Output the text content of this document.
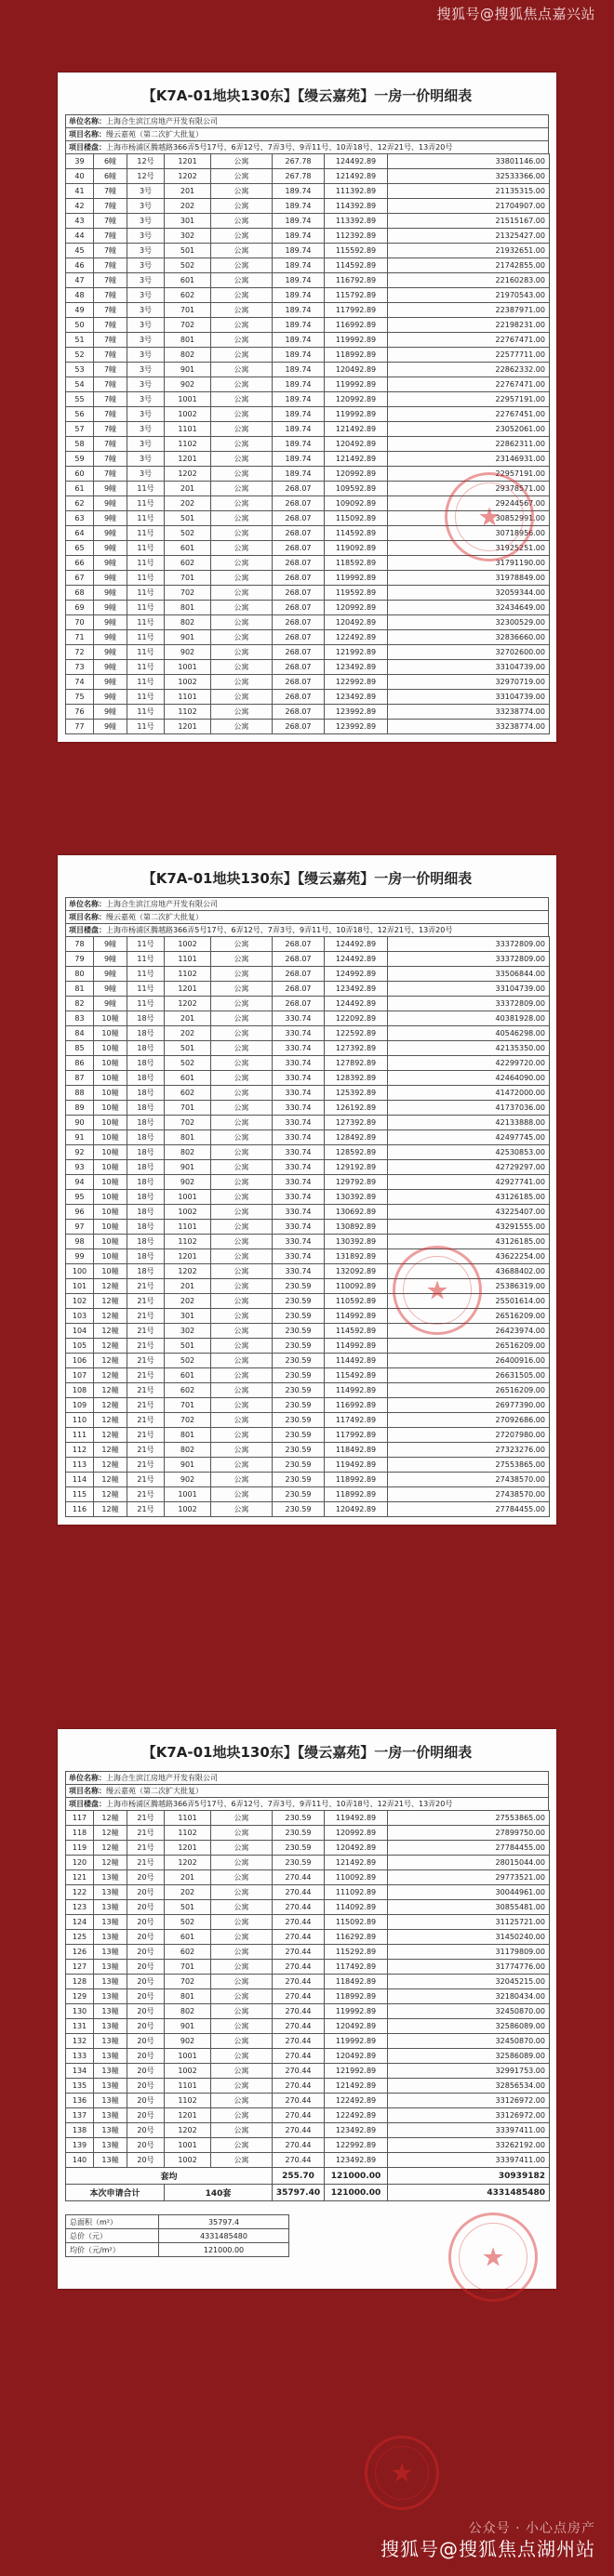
搜狐号@搜狐焦点嘉兴站
【K7A-01地块130东】【缦云嘉苑】一房一价明细表
单位名称：上海合生滨江房地产开发有限公司
项目名称：缦云嘉苑（第二次扩大批复）
项目楼盘：上海市杨浦区腾越路366弄5号17号、6弄12号、7弄3号、9弄11号、10弄18号、12弄21号、13弄20号
39	6幢	12号	1201	公寓	267.78	124492.89	33801146.00
40	6幢	12号	1202	公寓	267.78	121492.89	32533366.00
41	7幢	3号	201	公寓	189.74	111392.89	21135315.00
42	7幢	3号	202	公寓	189.74	114392.89	21704907.00
43	7幢	3号	301	公寓	189.74	113392.89	21515167.00
44	7幢	3号	302	公寓	189.74	112392.89	21325427.00
45	7幢	3号	501	公寓	189.74	115592.89	21932651.00
46	7幢	3号	502	公寓	189.74	114592.89	21742855.00
47	7幢	3号	601	公寓	189.74	116792.89	22160283.00
48	7幢	3号	602	公寓	189.74	115792.89	21970543.00
49	7幢	3号	701	公寓	189.74	117992.89	22387971.00
50	7幢	3号	702	公寓	189.74	116992.89	22198231.00
51	7幢	3号	801	公寓	189.74	119992.89	22767471.00
52	7幢	3号	802	公寓	189.74	118992.89	22577711.00
53	7幢	3号	901	公寓	189.74	120492.89	22862332.00
54	7幢	3号	902	公寓	189.74	119992.89	22767471.00
55	7幢	3号	1001	公寓	189.74	120992.89	22957191.00
56	7幢	3号	1002	公寓	189.74	119992.89	22767451.00
57	7幢	3号	1101	公寓	189.74	121492.89	23052061.00
58	7幢	3号	1102	公寓	189.74	120492.89	22862311.00
59	7幢	3号	1201	公寓	189.74	121492.89	23146931.00
60	7幢	3号	1202	公寓	189.74	120992.89	22957191.00
61	9幢	11号	201	公寓	268.07	109592.89	29378571.00
62	9幢	11号	202	公寓	268.07	109092.89	29244567.00
63	9幢	11号	501	公寓	268.07	115092.89	30852991.00
64	9幢	11号	502	公寓	268.07	114592.89	30718956.00
65	9幢	11号	601	公寓	268.07	119092.89	31925251.00
66	9幢	11号	602	公寓	268.07	118592.89	31791190.00
67	9幢	11号	701	公寓	268.07	119992.89	31978849.00
68	9幢	11号	702	公寓	268.07	119592.89	32059344.00
69	9幢	11号	801	公寓	268.07	120992.89	32434649.00
70	9幢	11号	802	公寓	268.07	120492.89	32300529.00
71	9幢	11号	901	公寓	268.07	122492.89	32836660.00
72	9幢	11号	902	公寓	268.07	121992.89	32702600.00
73	9幢	11号	1001	公寓	268.07	123492.89	33104739.00
74	9幢	11号	1002	公寓	268.07	122992.89	32970719.00
75	9幢	11号	1101	公寓	268.07	123492.89	33104739.00
76	9幢	11号	1102	公寓	268.07	123992.89	33238774.00
77	9幢	11号	1201	公寓	268.07	123992.89	33238774.00
★
【K7A-01地块130东】【缦云嘉苑】一房一价明细表
单位名称：上海合生滨江房地产开发有限公司
项目名称：缦云嘉苑（第二次扩大批复）
项目楼盘：上海市杨浦区腾越路366弄5号17号、6弄12号、7弄3号、9弄11号、10弄18号、12弄21号、13弄20号
78	9幢	11号	1002	公寓	268.07	124492.89	33372809.00
79	9幢	11号	1101	公寓	268.07	124492.89	33372809.00
80	9幢	11号	1102	公寓	268.07	124992.89	33506844.00
81	9幢	11号	1201	公寓	268.07	123492.89	33104739.00
82	9幢	11号	1202	公寓	268.07	124492.89	33372809.00
83	10幢	18号	201	公寓	330.74	122092.89	40381928.00
84	10幢	18号	202	公寓	330.74	122592.89	40546298.00
85	10幢	18号	501	公寓	330.74	127392.89	42135350.00
86	10幢	18号	502	公寓	330.74	127892.89	42299720.00
87	10幢	18号	601	公寓	330.74	128392.89	42464090.00
88	10幢	18号	602	公寓	330.74	125392.89	41472000.00
89	10幢	18号	701	公寓	330.74	126192.89	41737036.00
90	10幢	18号	702	公寓	330.74	127392.89	42133888.00
91	10幢	18号	801	公寓	330.74	128492.89	42497745.00
92	10幢	18号	802	公寓	330.74	128592.89	42530853.00
93	10幢	18号	901	公寓	330.74	129192.89	42729297.00
94	10幢	18号	902	公寓	330.74	129792.89	42927741.00
95	10幢	18号	1001	公寓	330.74	130392.89	43126185.00
96	10幢	18号	1002	公寓	330.74	130692.89	43225407.00
97	10幢	18号	1101	公寓	330.74	130892.89	43291555.00
98	10幢	18号	1102	公寓	330.74	130392.89	43126185.00
99	10幢	18号	1201	公寓	330.74	131892.89	43622254.00
100	10幢	18号	1202	公寓	330.74	132092.89	43688402.00
101	12幢	21号	201	公寓	230.59	110092.89	25386319.00
102	12幢	21号	202	公寓	230.59	110592.89	25501614.00
103	12幢	21号	301	公寓	230.59	114992.89	26516209.00
104	12幢	21号	302	公寓	230.59	114592.89	26423974.00
105	12幢	21号	501	公寓	230.59	114992.89	26516209.00
106	12幢	21号	502	公寓	230.59	114492.89	26400916.00
107	12幢	21号	601	公寓	230.59	115492.89	26631505.00
108	12幢	21号	602	公寓	230.59	114992.89	26516209.00
109	12幢	21号	701	公寓	230.59	116992.89	26977390.00
110	12幢	21号	702	公寓	230.59	117492.89	27092686.00
111	12幢	21号	801	公寓	230.59	117992.89	27207980.00
112	12幢	21号	802	公寓	230.59	118492.89	27323276.00
113	12幢	21号	901	公寓	230.59	119492.89	27553865.00
114	12幢	21号	902	公寓	230.59	118992.89	27438570.00
115	12幢	21号	1001	公寓	230.59	118992.89	27438570.00
116	12幢	21号	1002	公寓	230.59	120492.89	27784455.00
★
【K7A-01地块130东】【缦云嘉苑】一房一价明细表
单位名称：上海合生滨江房地产开发有限公司
项目名称：缦云嘉苑（第二次扩大批复）
项目楼盘：上海市杨浦区腾越路366弄5号17号、6弄12号、7弄3号、9弄11号、10弄18号、12弄21号、13弄20号
117	12幢	21号	1101	公寓	230.59	119492.89	27553865.00
118	12幢	21号	1102	公寓	230.59	120992.89	27899750.00
119	12幢	21号	1201	公寓	230.59	120492.89	27784455.00
120	12幢	21号	1202	公寓	230.59	121492.89	28015044.00
121	13幢	20号	201	公寓	270.44	110092.89	29773521.00
122	13幢	20号	202	公寓	270.44	111092.89	30044961.00
123	13幢	20号	501	公寓	270.44	114092.89	30855481.00
124	13幢	20号	502	公寓	270.44	115092.89	31125721.00
125	13幢	20号	601	公寓	270.44	116292.89	31450240.00
126	13幢	20号	602	公寓	270.44	115292.89	31179809.00
127	13幢	20号	701	公寓	270.44	117492.89	31774776.00
128	13幢	20号	702	公寓	270.44	118492.89	32045215.00
129	13幢	20号	801	公寓	270.44	118992.89	32180434.00
130	13幢	20号	802	公寓	270.44	119992.89	32450870.00
131	13幢	20号	901	公寓	270.44	120492.89	32586089.00
132	13幢	20号	902	公寓	270.44	119992.89	32450870.00
133	13幢	20号	1001	公寓	270.44	120492.89	32586089.00
134	13幢	20号	1002	公寓	270.44	121992.89	32991753.00
135	13幢	20号	1101	公寓	270.44	121492.89	32856534.00
136	13幢	20号	1102	公寓	270.44	122492.89	33126972.00
137	13幢	20号	1201	公寓	270.44	122492.89	33126972.00
138	13幢	20号	1202	公寓	270.44	123492.89	33397411.00
139	13幢	20号	1001	公寓	270.44	122992.89	33262192.00
140	13幢	20号	1002	公寓	270.44	123492.89	33397411.00
套均					255.70	121000.00	30939182
本次申请合计			140套		35797.40	121000.00	4331485480
总面积（m²）	35797.4
总价（元）	4331485480
均价（元/m²）	121000.00
★
★
公众号 · 小心点房产
搜狐号@搜狐焦点湖州站
